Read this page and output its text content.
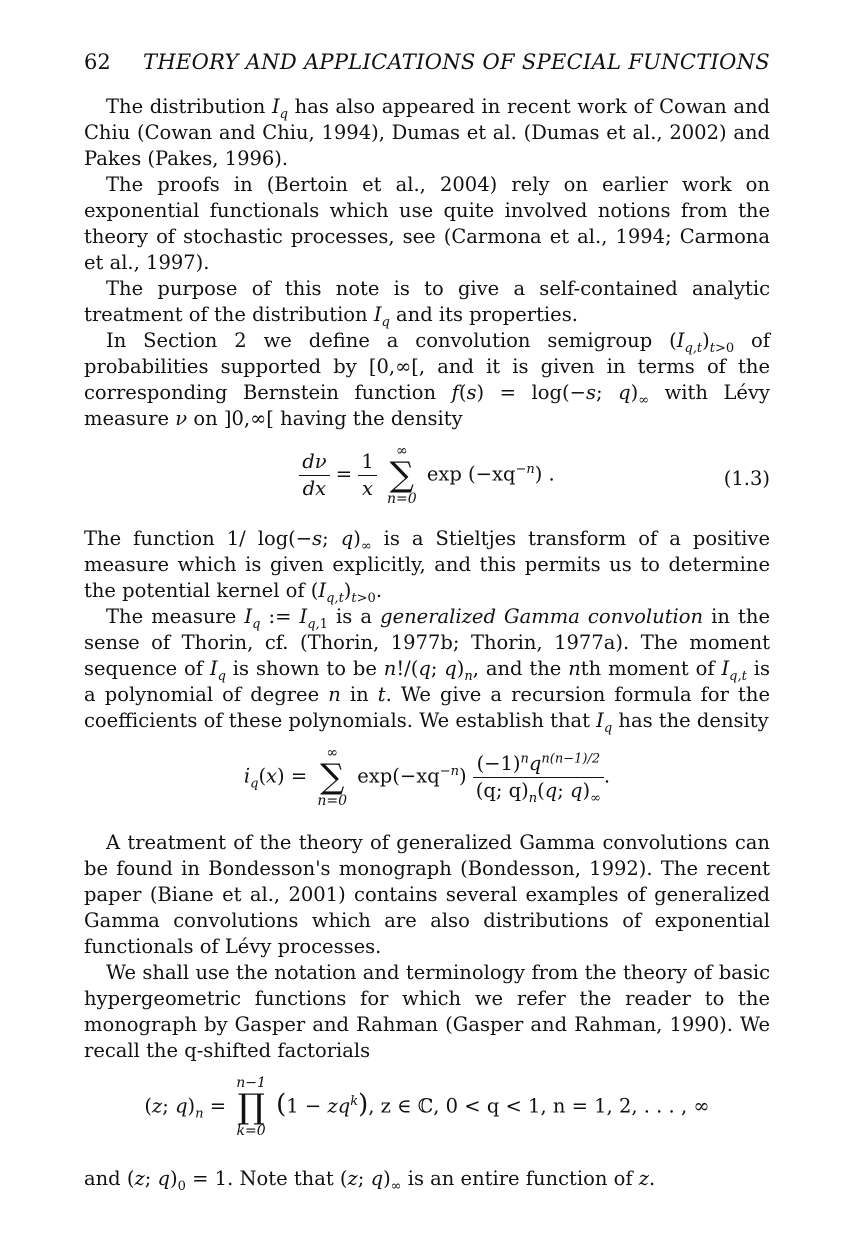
62 THEORY AND APPLICATIONS OF SPECIAL FUNCTIONS

The distribution $I_q$ has also appeared in recent work of Cowan and Chiu (Cowan and Chiu, 1994), Dumas et al. (Dumas et al., 2002) and Pakes (Pakes, 1996).

The proofs in (Bertoin et al., 2004) rely on earlier work on exponential functionals which use quite involved notions from the theory of stochastic processes, see (Carmona et al., 1994; Carmona et al., 1997).

The purpose of this note is to give a self-contained analytic treatment of the distribution $I_q$ and its properties.

In Section 2 we define a convolution semigroup $(I_{q,t})_{t>0}$ of probabilities supported by [0,∞[, and it is given in terms of the corresponding Bernstein function f(s) = log(−s; $q)_\infty$ with Lévy measure ν on ]0,∞[ having the density

$\frac{d\nu}{dx} = \frac{1}{x}$
	∞
∑
n=0
$\exp (-xq^{-n})$ .	(1.3)

The function 1/ log(−s; $q)_\infty$ is a Stieltjes transform of a positive measure which is given explicitly, and this permits us to determine the potential kernel of $(I_{q,t})_{t>0}$.

The measure $I_q$ := $I_{q,1}$ is a generalized Gamma convolution in the sense of Thorin, cf. (Thorin, 1977b; Thorin, 1977a). The moment sequence of $I_q$ is shown to be n!/(q; $q)_n$, and the nth moment of $I_{q,t}$ is a polynomial of degree n in t. We give a recursion formula for the coefficients of these polynomials. We establish that $I_q$ has the density

$i_q(x)$ =
∞
∑
n=0
$\exp(-xq^{-n}) \frac{(-1)^nq^{n(n-1)/2}}{(q; q)_n(q; q)_\infty}$ .

A treatment of the theory of generalized Gamma convolutions can be found in Bondesson's monograph (Bondesson, 1992). The recent paper (Biane et al., 2001) contains several examples of generalized Gamma convolutions which are also distributions of exponential functionals of Lévy processes.

We shall use the notation and terminology from the theory of basic hypergeometric functions for which we refer the reader to the monograph by Gasper and Rahman (Gasper and Rahman, 1990). We recall the q-shifted factorials

(z; $q)_n$ =
n−1
∏
k=0
$(1 - zq^k)$, z ∈ ℂ, 0 < q < 1, n = 1, 2, . . . , ∞

and (z; $q)_0 = 1$. Note that (z; $q)_\infty$ is an entire function of z.
